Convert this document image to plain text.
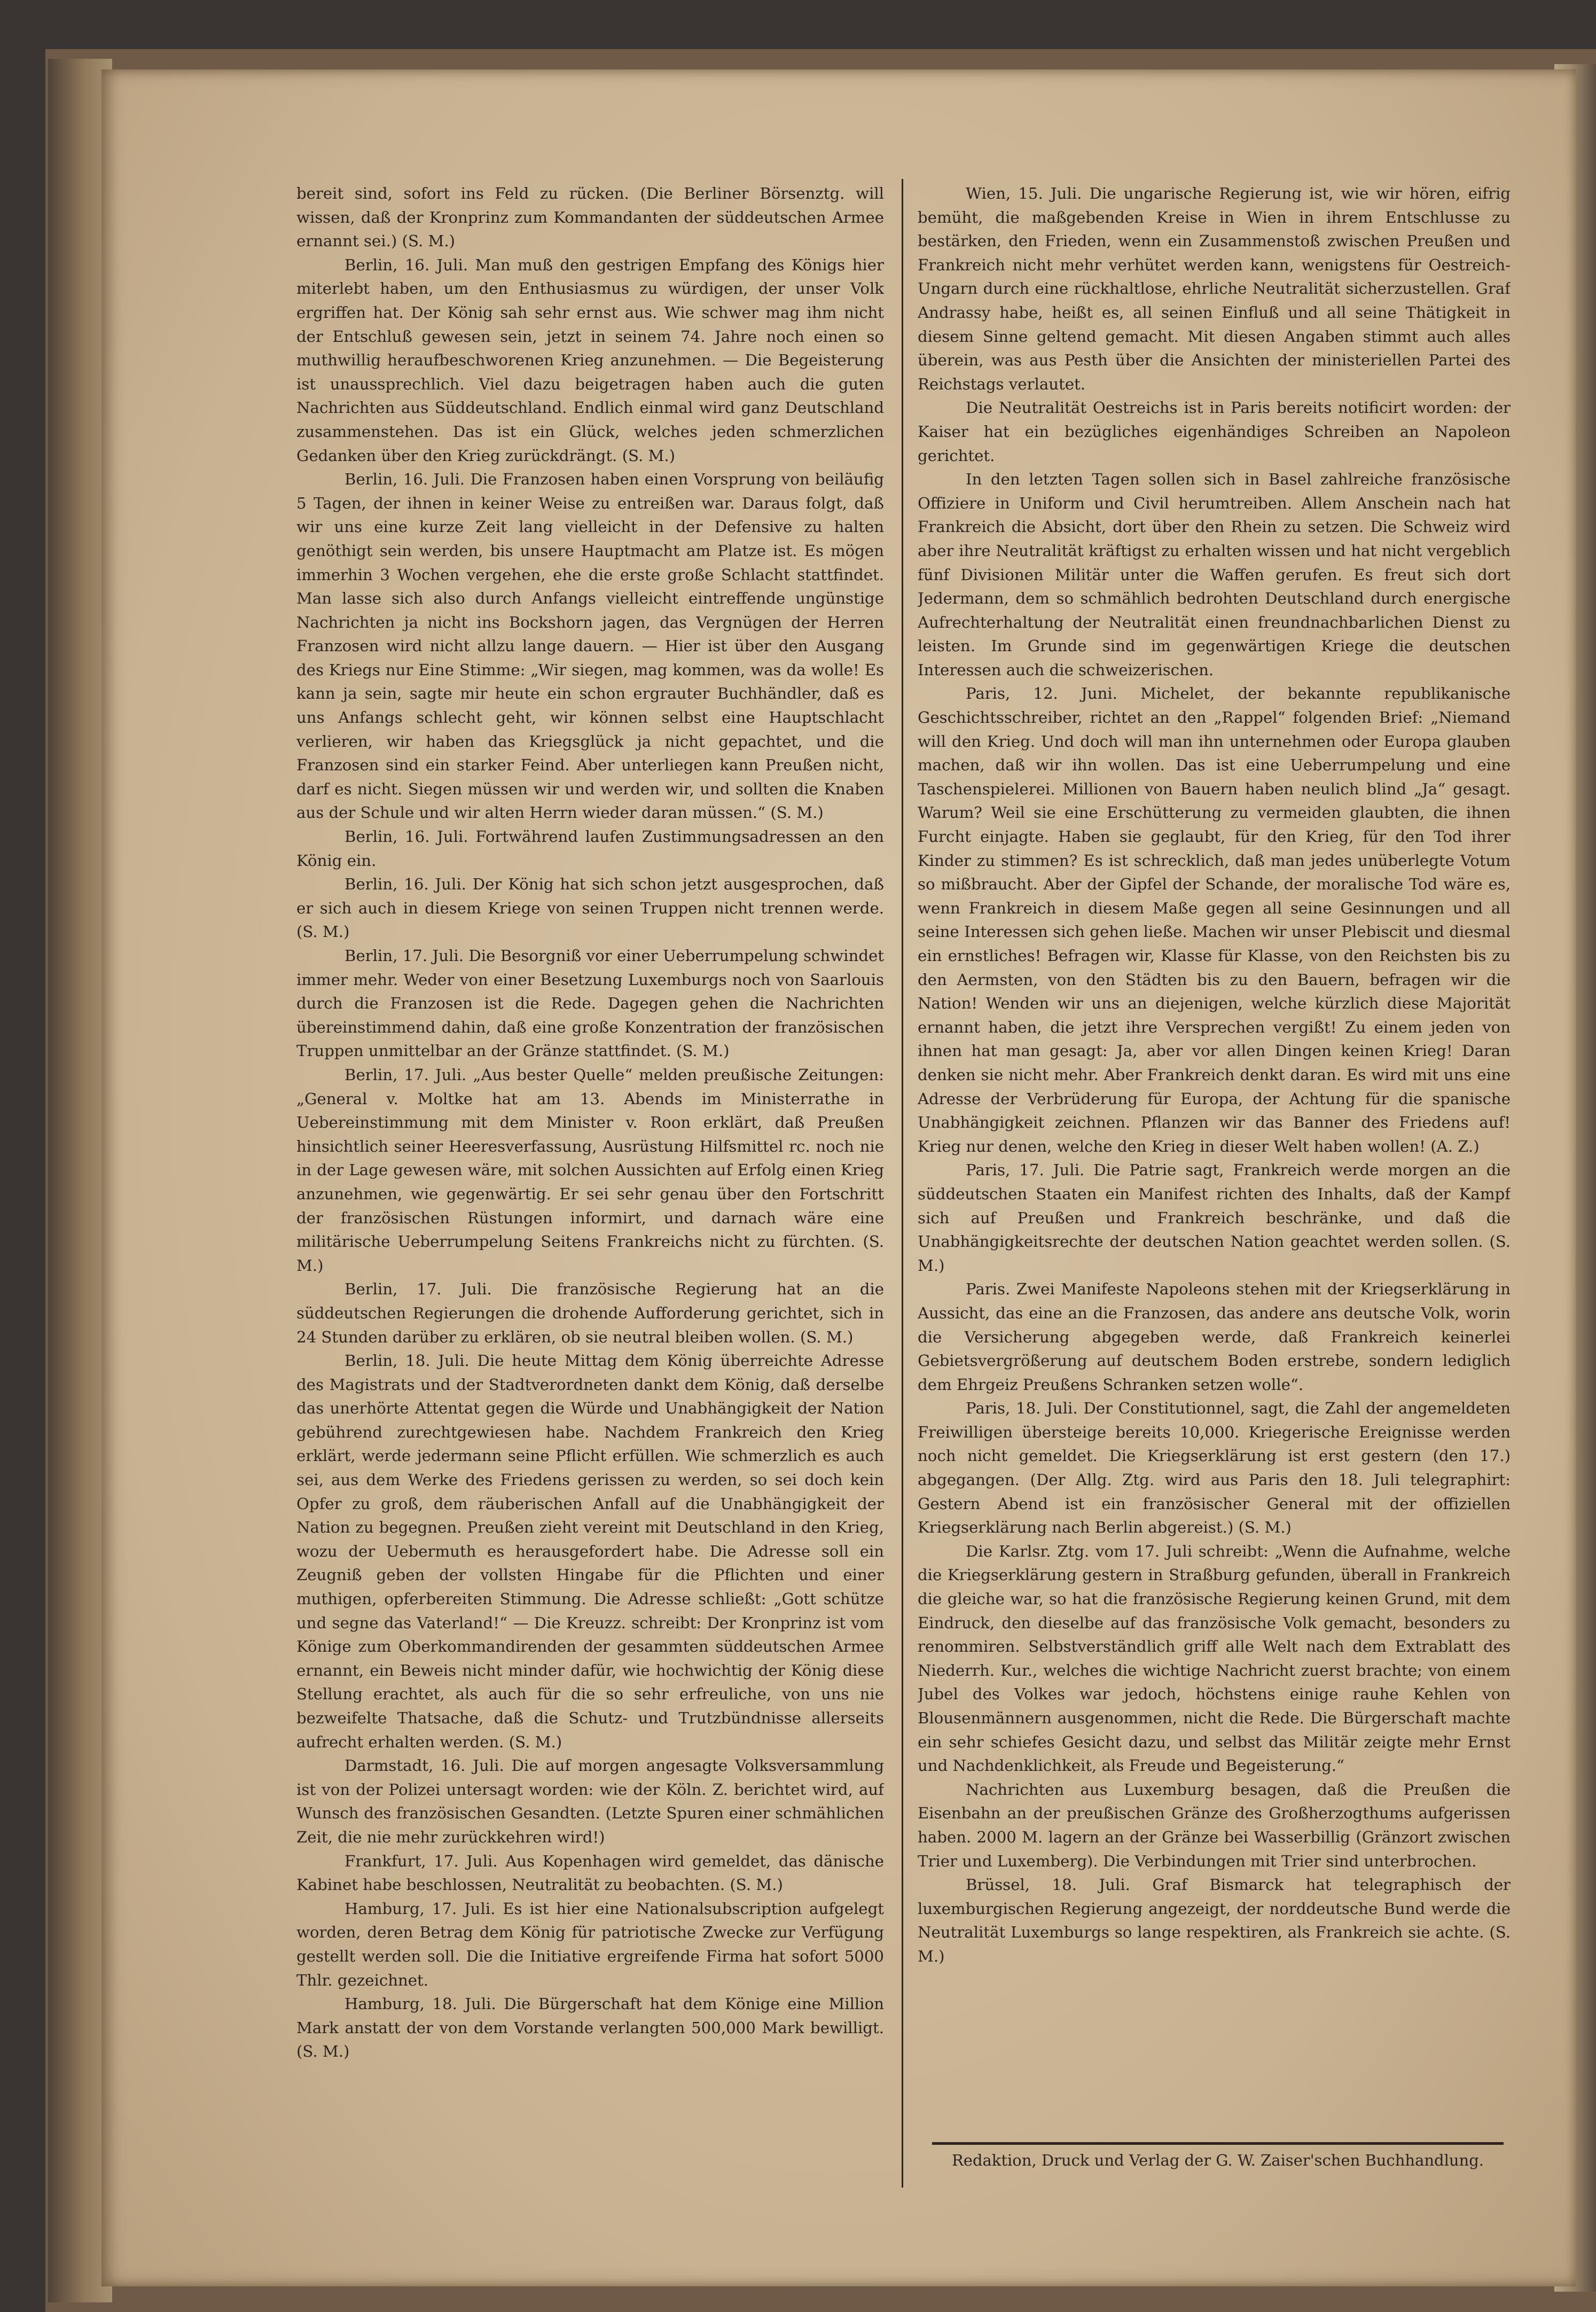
bereit sind, sofort ins Feld zu rücken. (Die Berliner Börsenztg. will wissen, daß der Kronprinz zum Kommandanten der süddeutschen Armee ernannt sei.) (S. M.)

Berlin, 16. Juli. Man muß den gestrigen Empfang des Königs hier miterlebt haben, um den Enthusiasmus zu würdigen, der unser Volk ergriffen hat. Der König sah sehr ernst aus. Wie schwer mag ihm nicht der Entschluß gewesen sein, jetzt in seinem 74. Jahre noch einen so muthwillig heraufbeschworenen Krieg anzunehmen. — Die Begeisterung ist unaussprechlich. Viel dazu beigetragen haben auch die guten Nachrichten aus Süddeutschland. Endlich einmal wird ganz Deutschland zusammenstehen. Das ist ein Glück, welches jeden schmerzlichen Gedanken über den Krieg zurückdrängt. (S. M.)

Berlin, 16. Juli. Die Franzosen haben einen Vorsprung von beiläufig 5 Tagen, der ihnen in keiner Weise zu entreißen war. Daraus folgt, daß wir uns eine kurze Zeit lang vielleicht in der Defensive zu halten genöthigt sein werden, bis unsere Hauptmacht am Platze ist. Es mögen immerhin 3 Wochen vergehen, ehe die erste große Schlacht stattfindet. Man lasse sich also durch Anfangs vielleicht eintreffende ungünstige Nachrichten ja nicht ins Bockshorn jagen, das Vergnügen der Herren Franzosen wird nicht allzu lange dauern. — Hier ist über den Ausgang des Kriegs nur Eine Stimme: „Wir siegen, mag kommen, was da wolle! Es kann ja sein, sagte mir heute ein schon ergrauter Buchhändler, daß es uns Anfangs schlecht geht, wir können selbst eine Hauptschlacht verlieren, wir haben das Kriegsglück ja nicht gepachtet, und die Franzosen sind ein starker Feind. Aber unterliegen kann Preußen nicht, darf es nicht. Siegen müssen wir und werden wir, und sollten die Knaben aus der Schule und wir alten Herrn wieder daran müssen.“ (S. M.)

Berlin, 16. Juli. Fortwährend laufen Zustimmungsadressen an den König ein.

Berlin, 16. Juli. Der König hat sich schon jetzt ausgesprochen, daß er sich auch in diesem Kriege von seinen Truppen nicht trennen werde. (S. M.)

Berlin, 17. Juli. Die Besorgniß vor einer Ueberrumpelung schwindet immer mehr. Weder von einer Besetzung Luxemburgs noch von Saarlouis durch die Franzosen ist die Rede. Dagegen gehen die Nachrichten übereinstimmend dahin, daß eine große Konzentration der französischen Truppen unmittelbar an der Gränze stattfindet. (S. M.)

Berlin, 17. Juli. „Aus bester Quelle“ melden preußische Zeitungen: „General v. Moltke hat am 13. Abends im Ministerrathe in Uebereinstimmung mit dem Minister v. Roon erklärt, daß Preußen hinsichtlich seiner Heeresverfassung, Ausrüstung Hilfsmittel rc. noch nie in der Lage gewesen wäre, mit solchen Aussichten auf Erfolg einen Krieg anzunehmen, wie gegenwärtig. Er sei sehr genau über den Fortschritt der französischen Rüstungen informirt, und darnach wäre eine militärische Ueberrumpelung Seitens Frankreichs nicht zu fürchten. (S. M.)

Berlin, 17. Juli. Die französische Regierung hat an die süddeutschen Regierungen die drohende Aufforderung gerichtet, sich in 24 Stunden darüber zu erklären, ob sie neutral bleiben wollen. (S. M.)

Berlin, 18. Juli. Die heute Mittag dem König überreichte Adresse des Magistrats und der Stadtverordneten dankt dem König, daß derselbe das unerhörte Attentat gegen die Würde und Unabhängigkeit der Nation gebührend zurechtgewiesen habe. Nachdem Frankreich den Krieg erklärt, werde jedermann seine Pflicht erfüllen. Wie schmerzlich es auch sei, aus dem Werke des Friedens gerissen zu werden, so sei doch kein Opfer zu groß, dem räuberischen Anfall auf die Unabhängigkeit der Nation zu begegnen. Preußen zieht vereint mit Deutschland in den Krieg, wozu der Uebermuth es herausgefordert habe. Die Adresse soll ein Zeugniß geben der vollsten Hingabe für die Pflichten und einer muthigen, opferbereiten Stimmung. Die Adresse schließt: „Gott schütze und segne das Vaterland!“ — Die Kreuzz. schreibt: Der Kronprinz ist vom Könige zum Oberkommandirenden der gesammten süddeutschen Armee ernannt, ein Beweis nicht minder dafür, wie hochwichtig der König diese Stellung erachtet, als auch für die so sehr erfreuliche, von uns nie bezweifelte Thatsache, daß die Schutz- und Trutzbündnisse allerseits aufrecht erhalten werden. (S. M.)

Darmstadt, 16. Juli. Die auf morgen angesagte Volksversammlung ist von der Polizei untersagt worden: wie der Köln. Z. berichtet wird, auf Wunsch des französischen Gesandten. (Letzte Spuren einer schmählichen Zeit, die nie mehr zurückkehren wird!)

Frankfurt, 17. Juli. Aus Kopenhagen wird gemeldet, das dänische Kabinet habe beschlossen, Neutralität zu beobachten. (S. M.)

Hamburg, 17. Juli. Es ist hier eine Nationalsubscription aufgelegt worden, deren Betrag dem König für patriotische Zwecke zur Verfügung gestellt werden soll. Die die Initiative ergreifende Firma hat sofort 5000 Thlr. gezeichnet.

Hamburg, 18. Juli. Die Bürgerschaft hat dem Könige eine Million Mark anstatt der von dem Vorstande verlangten 500,000 Mark bewilligt. (S. M.)

Wien, 15. Juli. Die ungarische Regierung ist, wie wir hören, eifrig bemüht, die maßgebenden Kreise in Wien in ihrem Entschlusse zu bestärken, den Frieden, wenn ein Zusammenstoß zwischen Preußen und Frankreich nicht mehr verhütet werden kann, wenigstens für Oestreich-Ungarn durch eine rückhaltlose, ehrliche Neutralität sicherzustellen. Graf Andrassy habe, heißt es, all seinen Einfluß und all seine Thätigkeit in diesem Sinne geltend gemacht. Mit diesen Angaben stimmt auch alles überein, was aus Pesth über die Ansichten der ministeriellen Partei des Reichstags verlautet.

Die Neutralität Oestreichs ist in Paris bereits notificirt worden: der Kaiser hat ein bezügliches eigenhändiges Schreiben an Napoleon gerichtet.

In den letzten Tagen sollen sich in Basel zahlreiche französische Offiziere in Uniform und Civil herumtreiben. Allem Anschein nach hat Frankreich die Absicht, dort über den Rhein zu setzen. Die Schweiz wird aber ihre Neutralität kräftigst zu erhalten wissen und hat nicht vergeblich fünf Divisionen Militär unter die Waffen gerufen. Es freut sich dort Jedermann, dem so schmählich bedrohten Deutschland durch energische Aufrechterhaltung der Neutralität einen freundnachbarlichen Dienst zu leisten. Im Grunde sind im gegenwärtigen Kriege die deutschen Interessen auch die schweizerischen.

Paris, 12. Juni. Michelet, der bekannte republikanische Geschichtsschreiber, richtet an den „Rappel“ folgenden Brief: „Niemand will den Krieg. Und doch will man ihn unternehmen oder Europa glauben machen, daß wir ihn wollen. Das ist eine Ueberrumpelung und eine Taschenspielerei. Millionen von Bauern haben neulich blind „Ja“ gesagt. Warum? Weil sie eine Erschütterung zu vermeiden glaubten, die ihnen Furcht einjagte. Haben sie geglaubt, für den Krieg, für den Tod ihrer Kinder zu stimmen? Es ist schrecklich, daß man jedes unüberlegte Votum so mißbraucht. Aber der Gipfel der Schande, der moralische Tod wäre es, wenn Frankreich in diesem Maße gegen all seine Gesinnungen und all seine Interessen sich gehen ließe. Machen wir unser Plebiscit und diesmal ein ernstliches! Befragen wir, Klasse für Klasse, von den Reichsten bis zu den Aermsten, von den Städten bis zu den Bauern, befragen wir die Nation! Wenden wir uns an diejenigen, welche kürzlich diese Majorität ernannt haben, die jetzt ihre Versprechen vergißt! Zu einem jeden von ihnen hat man gesagt: Ja, aber vor allen Dingen keinen Krieg! Daran denken sie nicht mehr. Aber Frankreich denkt daran. Es wird mit uns eine Adresse der Verbrüderung für Europa, der Achtung für die spanische Unabhängigkeit zeichnen. Pflanzen wir das Banner des Friedens auf! Krieg nur denen, welche den Krieg in dieser Welt haben wollen! (A. Z.)

Paris, 17. Juli. Die Patrie sagt, Frankreich werde morgen an die süddeutschen Staaten ein Manifest richten des Inhalts, daß der Kampf sich auf Preußen und Frankreich beschränke, und daß die Unabhängigkeitsrechte der deutschen Nation geachtet werden sollen. (S. M.)

Paris. Zwei Manifeste Napoleons stehen mit der Kriegserklärung in Aussicht, das eine an die Franzosen, das andere ans deutsche Volk, worin die Versicherung abgegeben werde, daß Frankreich keinerlei Gebietsvergrößerung auf deutschem Boden erstrebe, sondern lediglich dem Ehrgeiz Preußens Schranken setzen wolle“.

Paris, 18. Juli. Der Constitutionnel, sagt, die Zahl der angemeldeten Freiwilligen übersteige bereits 10,000. Kriegerische Ereignisse werden noch nicht gemeldet. Die Kriegserklärung ist erst gestern (den 17.) abgegangen. (Der Allg. Ztg. wird aus Paris den 18. Juli telegraphirt: Gestern Abend ist ein französischer General mit der offiziellen Kriegserklärung nach Berlin abgereist.) (S. M.)

Die Karlsr. Ztg. vom 17. Juli schreibt: „Wenn die Aufnahme, welche die Kriegserklärung gestern in Straßburg gefunden, überall in Frankreich die gleiche war, so hat die französische Regierung keinen Grund, mit dem Eindruck, den dieselbe auf das französische Volk gemacht, besonders zu renommiren. Selbstverständlich griff alle Welt nach dem Extrablatt des Niederrh. Kur., welches die wichtige Nachricht zuerst brachte; von einem Jubel des Volkes war jedoch, höchstens einige rauhe Kehlen von Blousenmännern ausgenommen, nicht die Rede. Die Bürgerschaft machte ein sehr schiefes Gesicht dazu, und selbst das Militär zeigte mehr Ernst und Nachdenklichkeit, als Freude und Begeisterung.“

Nachrichten aus Luxemburg besagen, daß die Preußen die Eisenbahn an der preußischen Gränze des Großherzogthums aufgerissen haben. 2000 M. lagern an der Gränze bei Wasserbillig (Gränzort zwischen Trier und Luxemberg). Die Verbindungen mit Trier sind unterbrochen.

Brüssel, 18. Juli. Graf Bismarck hat telegraphisch der luxemburgischen Regierung angezeigt, der norddeutsche Bund werde die Neutralität Luxemburgs so lange respektiren, als Frankreich sie achte. (S. M.)

Redaktion, Druck und Verlag der G. W. Zaiser'schen Buchhandlung.
